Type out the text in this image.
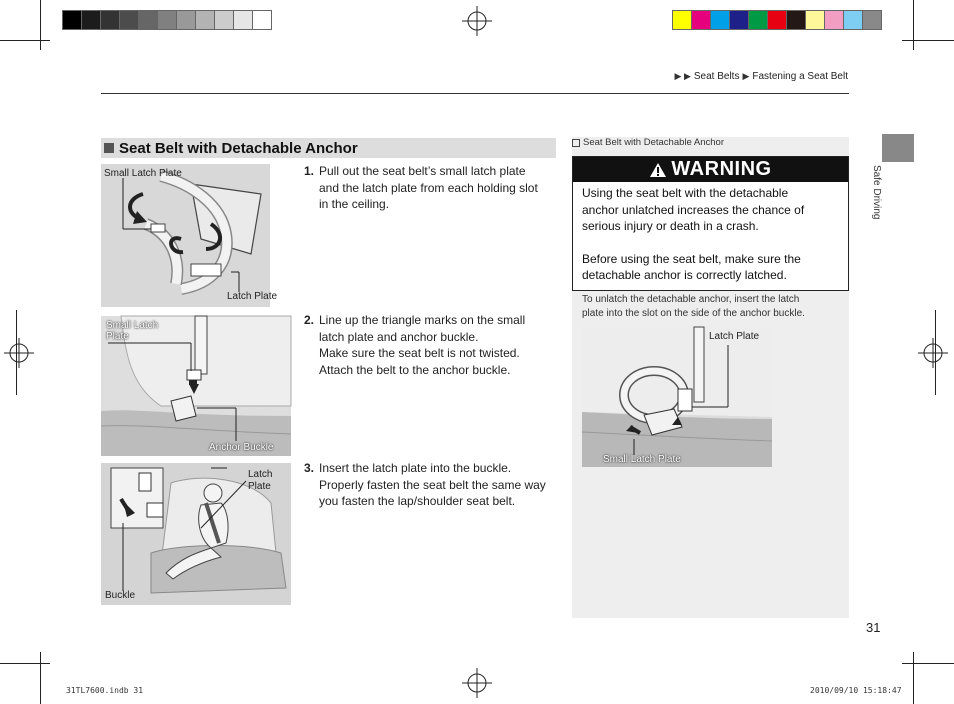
▶ ▶ Seat Belts ▶ Fastening a Seat Belt
Safe Driving
Seat Belt with Detachable Anchor
Small Latch Plate
Latch Plate
Small Latch
Plate
Anchor Buckle
Latch
Plate
Buckle
1. Pull out the seat belt’s small latch plate
and the latch plate from each holding slot
in the ceiling.
2. Line up the triangle marks on the small
latch plate and anchor buckle.
Make sure the seat belt is not twisted.
Attach the belt to the anchor buckle.
3. Insert the latch plate into the buckle.
Properly fasten the seat belt the same way
you fasten the lap/shoulder seat belt.
Seat Belt with Detachable Anchor
WARNING

Using the seat belt with the detachable
anchor unlatched increases the chance of
serious injury or death in a crash.

Before using the seat belt, make sure the
detachable anchor is correctly latched.

To unlatch the detachable anchor, insert the latch
plate into the slot on the side of the anchor buckle.
Latch Plate
Small Latch Plate
31
31TL7600.indb 31	2010/09/10 15:18:47
